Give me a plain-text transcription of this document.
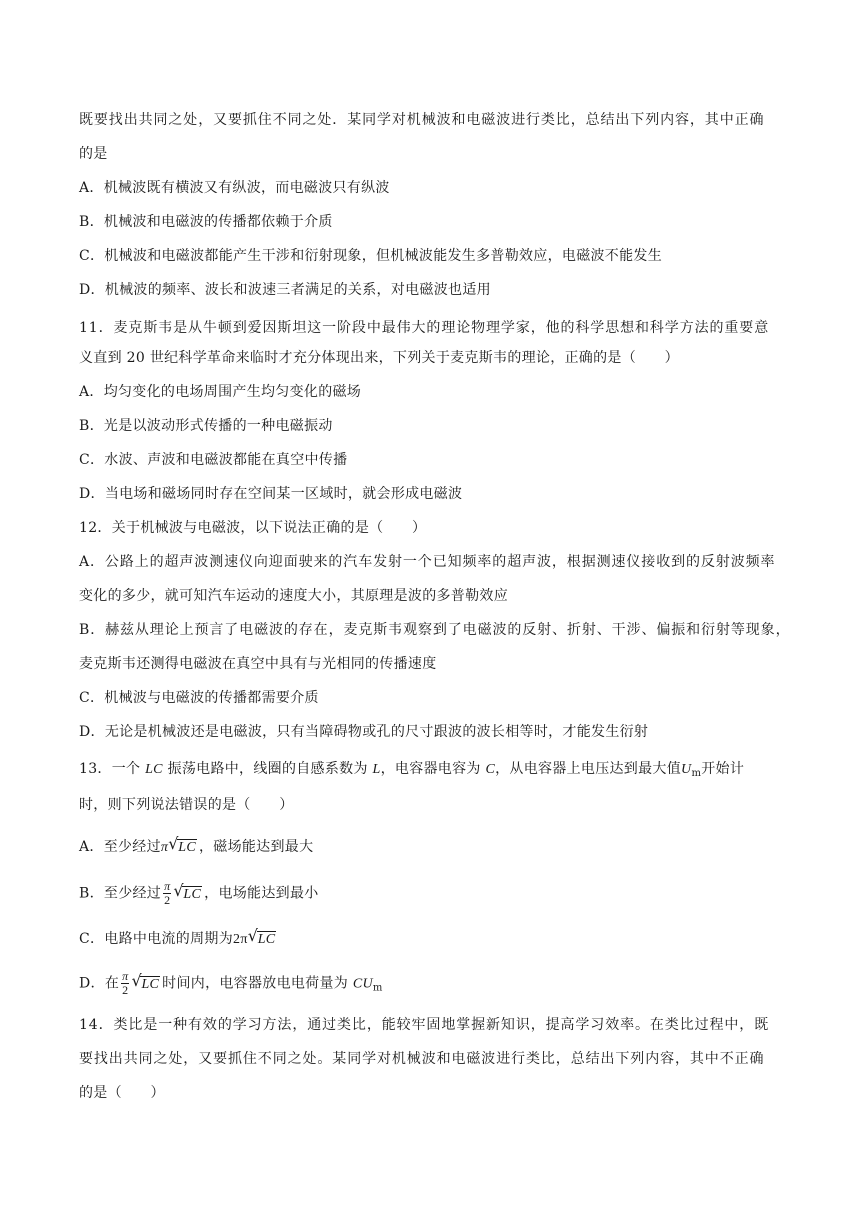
既要找出共同之处，又要抓住不同之处．某同学对机械波和电磁波进行类比，总结出下列内容，其中正确
的是
A．机械波既有横波又有纵波，而电磁波只有纵波
B．机械波和电磁波的传播都依赖于介质
C．机械波和电磁波都能产生干涉和衍射现象，但机械波能发生多普勒效应，电磁波不能发生
D．机械波的频率、波长和波速三者满足的关系，对电磁波也适用
11．麦克斯韦是从牛顿到爱因斯坦这一阶段中最伟大的理论物理学家，他的科学思想和科学方法的重要意
义直到 20 世纪科学革命来临时才充分体现出来，下列关于麦克斯韦的理论，正确的是（　　）
A．均匀变化的电场周围产生均匀变化的磁场
B．光是以波动形式传播的一种电磁振动
C．水波、声波和电磁波都能在真空中传播
D．当电场和磁场同时存在空间某一区域时，就会形成电磁波
12．关于机械波与电磁波，以下说法正确的是（　　）
A．公路上的超声波测速仪向迎面驶来的汽车发射一个已知频率的超声波，根据测速仪接收到的反射波频率
变化的多少，就可知汽车运动的速度大小，其原理是波的多普勒效应
B．赫兹从理论上预言了电磁波的存在，麦克斯韦观察到了电磁波的反射、折射、干涉、偏振和衍射等现象，
麦克斯韦还测得电磁波在真空中具有与光相同的传播速度
C．机械波与电磁波的传播都需要介质
D．无论是机械波还是电磁波，只有当障碍物或孔的尺寸跟波的波长相等时，才能发生衍射
13．一个 LC 振荡电路中，线圈的自感系数为 L，电容器电容为 C，从电容器上电压达到最大值$U_m$开始计
时，则下列说法错误的是（　　）
A．至少经过π √ LC ，磁场能达到最大
B．至少经过 $\frac{\pi}{2}$ √ LC ，电场能达到最小
C．电路中电流的周期为2π √ LC
D．在 $\frac{\pi}{2}$ √ LC 时间内，电容器放电电荷量为 $CU_m$
14．类比是一种有效的学习方法，通过类比，能较牢固地掌握新知识，提高学习效率。在类比过程中，既
要找出共同之处，又要抓住不同之处。某同学对机械波和电磁波进行类比，总结出下列内容，其中不正确
的是（　　）
